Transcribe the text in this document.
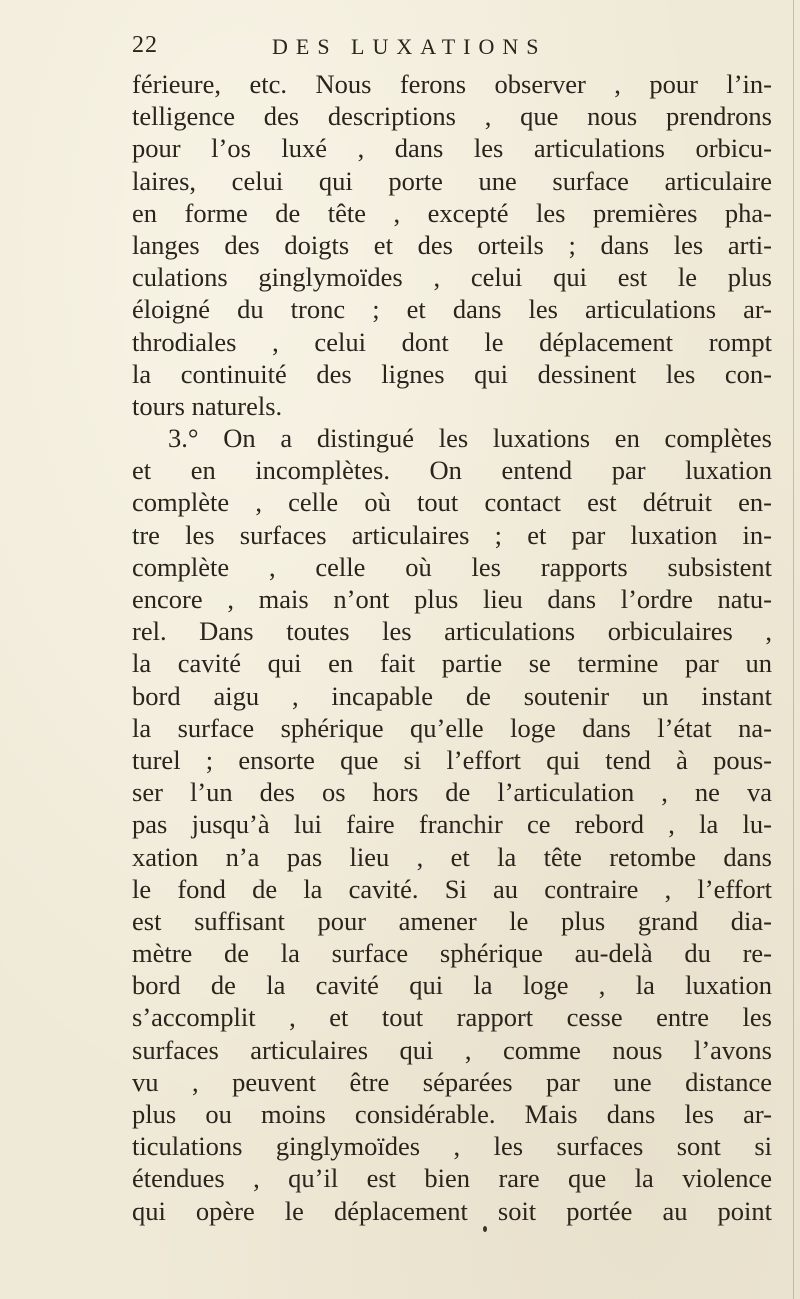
22	DES LUXATIONS
férieure, etc. Nous ferons observer , pour l’in-
telligence des descriptions , que nous prendrons
pour l’os luxé , dans les articulations orbicu-
laires, celui qui porte une surface articulaire
en forme de tête , excepté les premières pha-
langes des doigts et des orteils ; dans les arti-
culations ginglymoïdes , celui qui est le plus
éloigné du tronc ; et dans les articulations ar-
throdiales , celui dont le déplacement rompt
la continuité des lignes qui dessinent les con-
tours naturels.
3.° On a distingué les luxations en complètes
et en incomplètes. On entend par luxation
complète , celle où tout contact est détruit en-
tre les surfaces articulaires ; et par luxation in-
complète , celle où les rapports subsistent
encore , mais n’ont plus lieu dans l’ordre natu-
rel. Dans toutes les articulations orbiculaires ,
la cavité qui en fait partie se termine par un
bord aigu , incapable de soutenir un instant
la surface sphérique qu’elle loge dans l’état na-
turel ; ensorte que si l’effort qui tend à pous-
ser l’un des os hors de l’articulation , ne va
pas jusqu’à lui faire franchir ce rebord , la lu-
xation n’a pas lieu , et la tête retombe dans
le fond de la cavité. Si au contraire , l’effort
est suffisant pour amener le plus grand dia-
mètre de la surface sphérique au-delà du re-
bord de la cavité qui la loge , la luxation
s’accomplit , et tout rapport cesse entre les
surfaces articulaires qui , comme nous l’avons
vu , peuvent être séparées par une distance
plus ou moins considérable. Mais dans les ar-
ticulations ginglymoïdes , les surfaces sont si
étendues , qu’il est bien rare que la violence
qui opère le déplacement soit portée au point
